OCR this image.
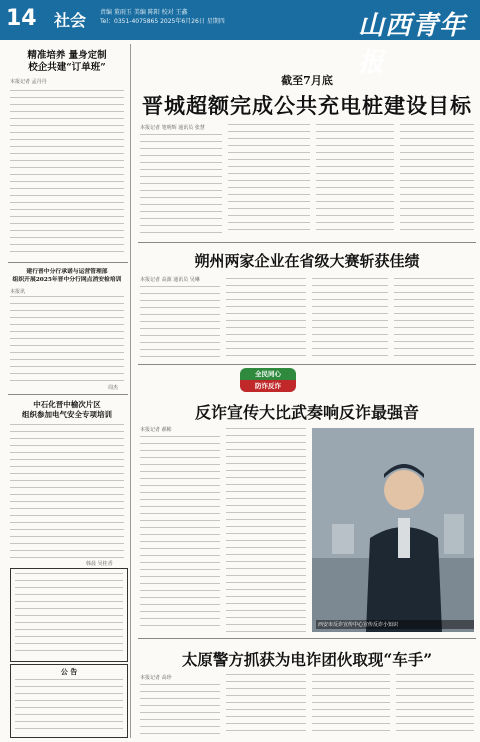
14 社会 责编 董雨玉 美编 陈阳 校对 王鑫
Tel：0351-4075865 2025年6月26日 星期四	山西青年报
精准培养 量身定制
校企共建“订单班”
本报记者 孟丹丹
建行晋中分行承诺与运营管理部
组织开展2025年晋中分行网点消安检培训
本报讯
周杰
中石化晋中榆次片区
组织参加电气安全专项培训
韩晨 吴桂香
公 告
截至7月底
晋城超额完成公共充电桩建设目标
本报记者 笔明辉 通讯员 张慧
朔州两家企业在省级大赛斩获佳绩
本报记者 高源 通讯员 吴琳
全民同心
防诈反诈
反诈宣传大比武奏响反诈最强音
本报记者 郝彬
西安市反诈宣传中心宣传反诈小知识
太原警方抓获为电诈团伙取现“车手”
本报记者 高珍
